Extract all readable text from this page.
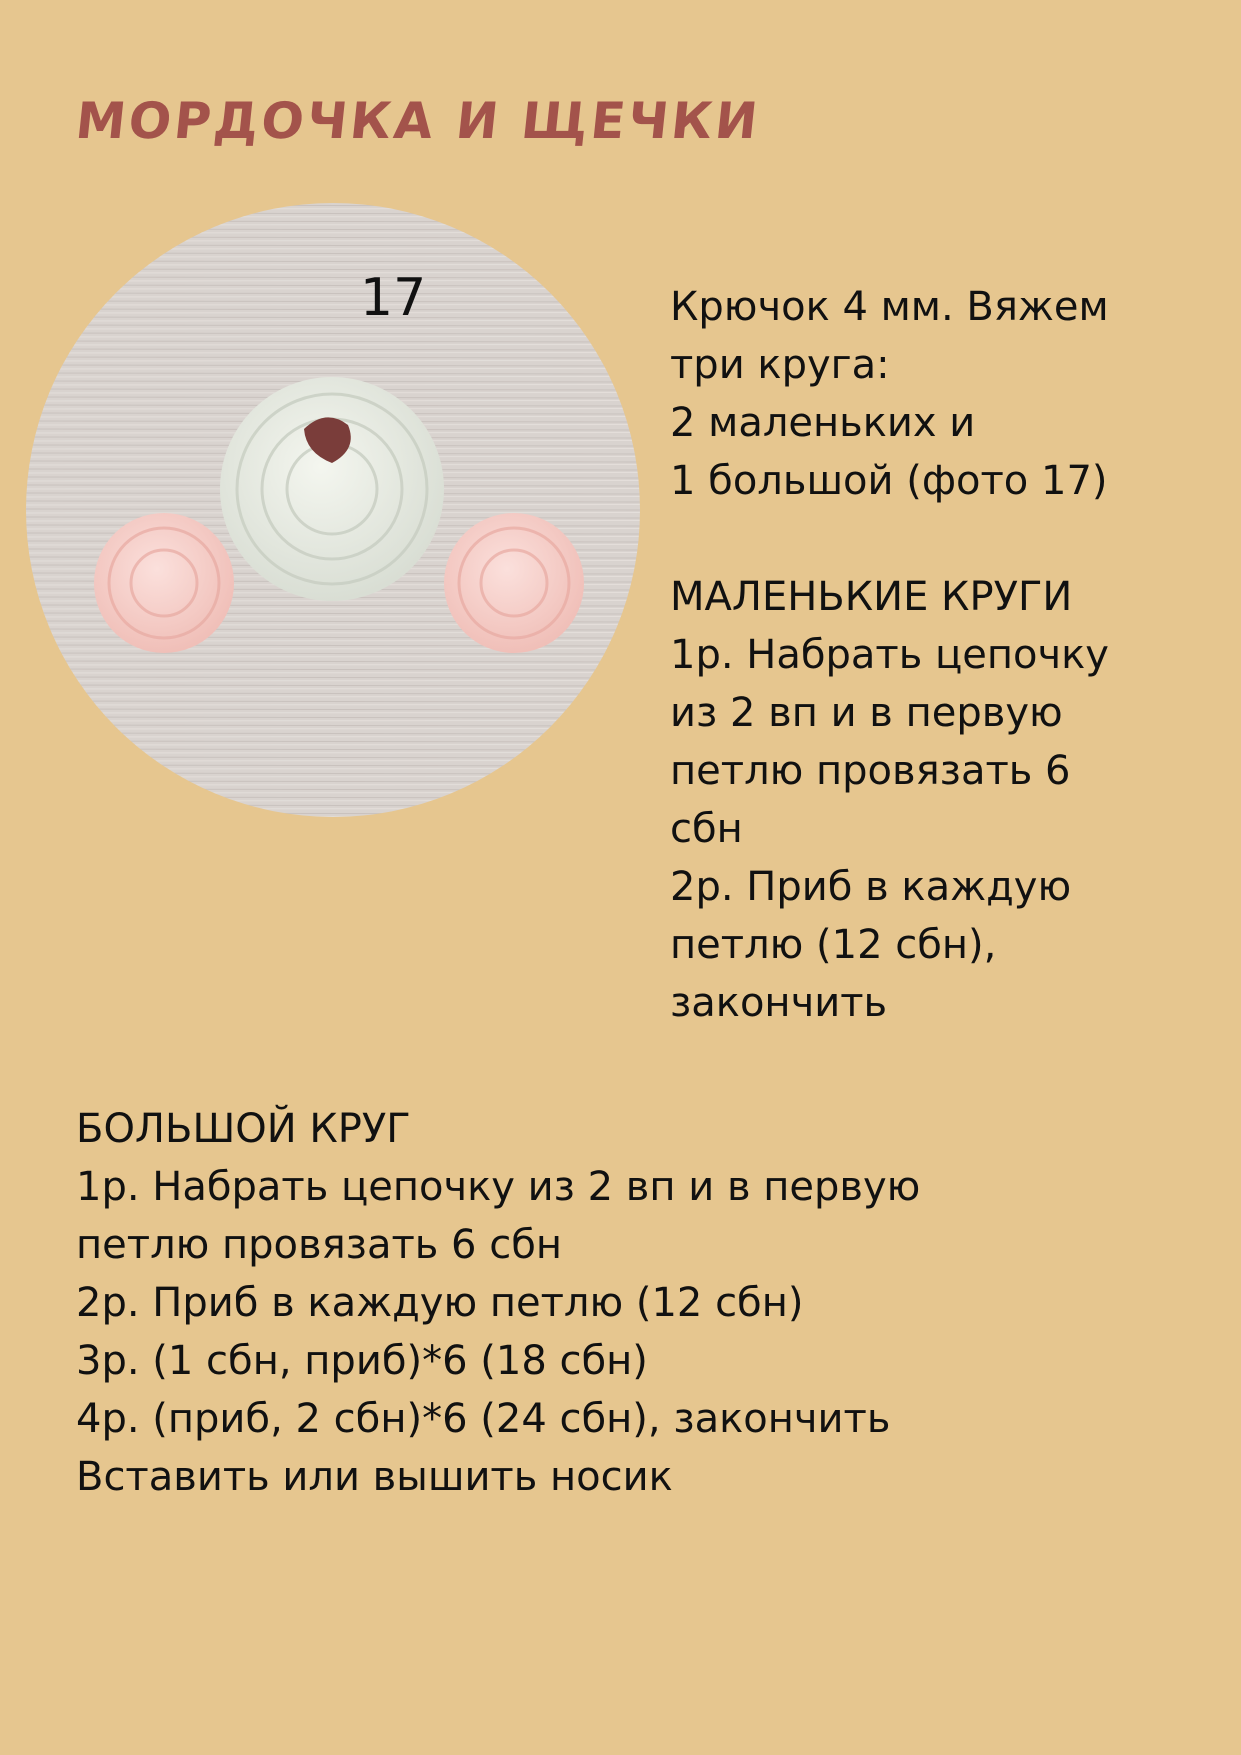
МОРДОЧКА И ЩЕЧКИ
17	Крючок 4 мм. Вяжем
три круга:
2 маленьких и
1 большой (фото 17)
МАЛЕНЬКИЕ КРУГИ
1р. Набрать цепочку
из 2 вп и в первую
петлю провязать 6
сбн
2р. Приб в каждую
петлю (12 сбн),
закончить
БОЛЬШОЙ КРУГ
1р. Набрать цепочку из 2 вп и в первую
петлю провязать 6 сбн
2р. Приб в каждую петлю (12 сбн)
3р. (1 сбн, приб)*6 (18 сбн)
4р. (приб, 2 сбн)*6 (24 сбн), закончить
Вставить или вышить носик
